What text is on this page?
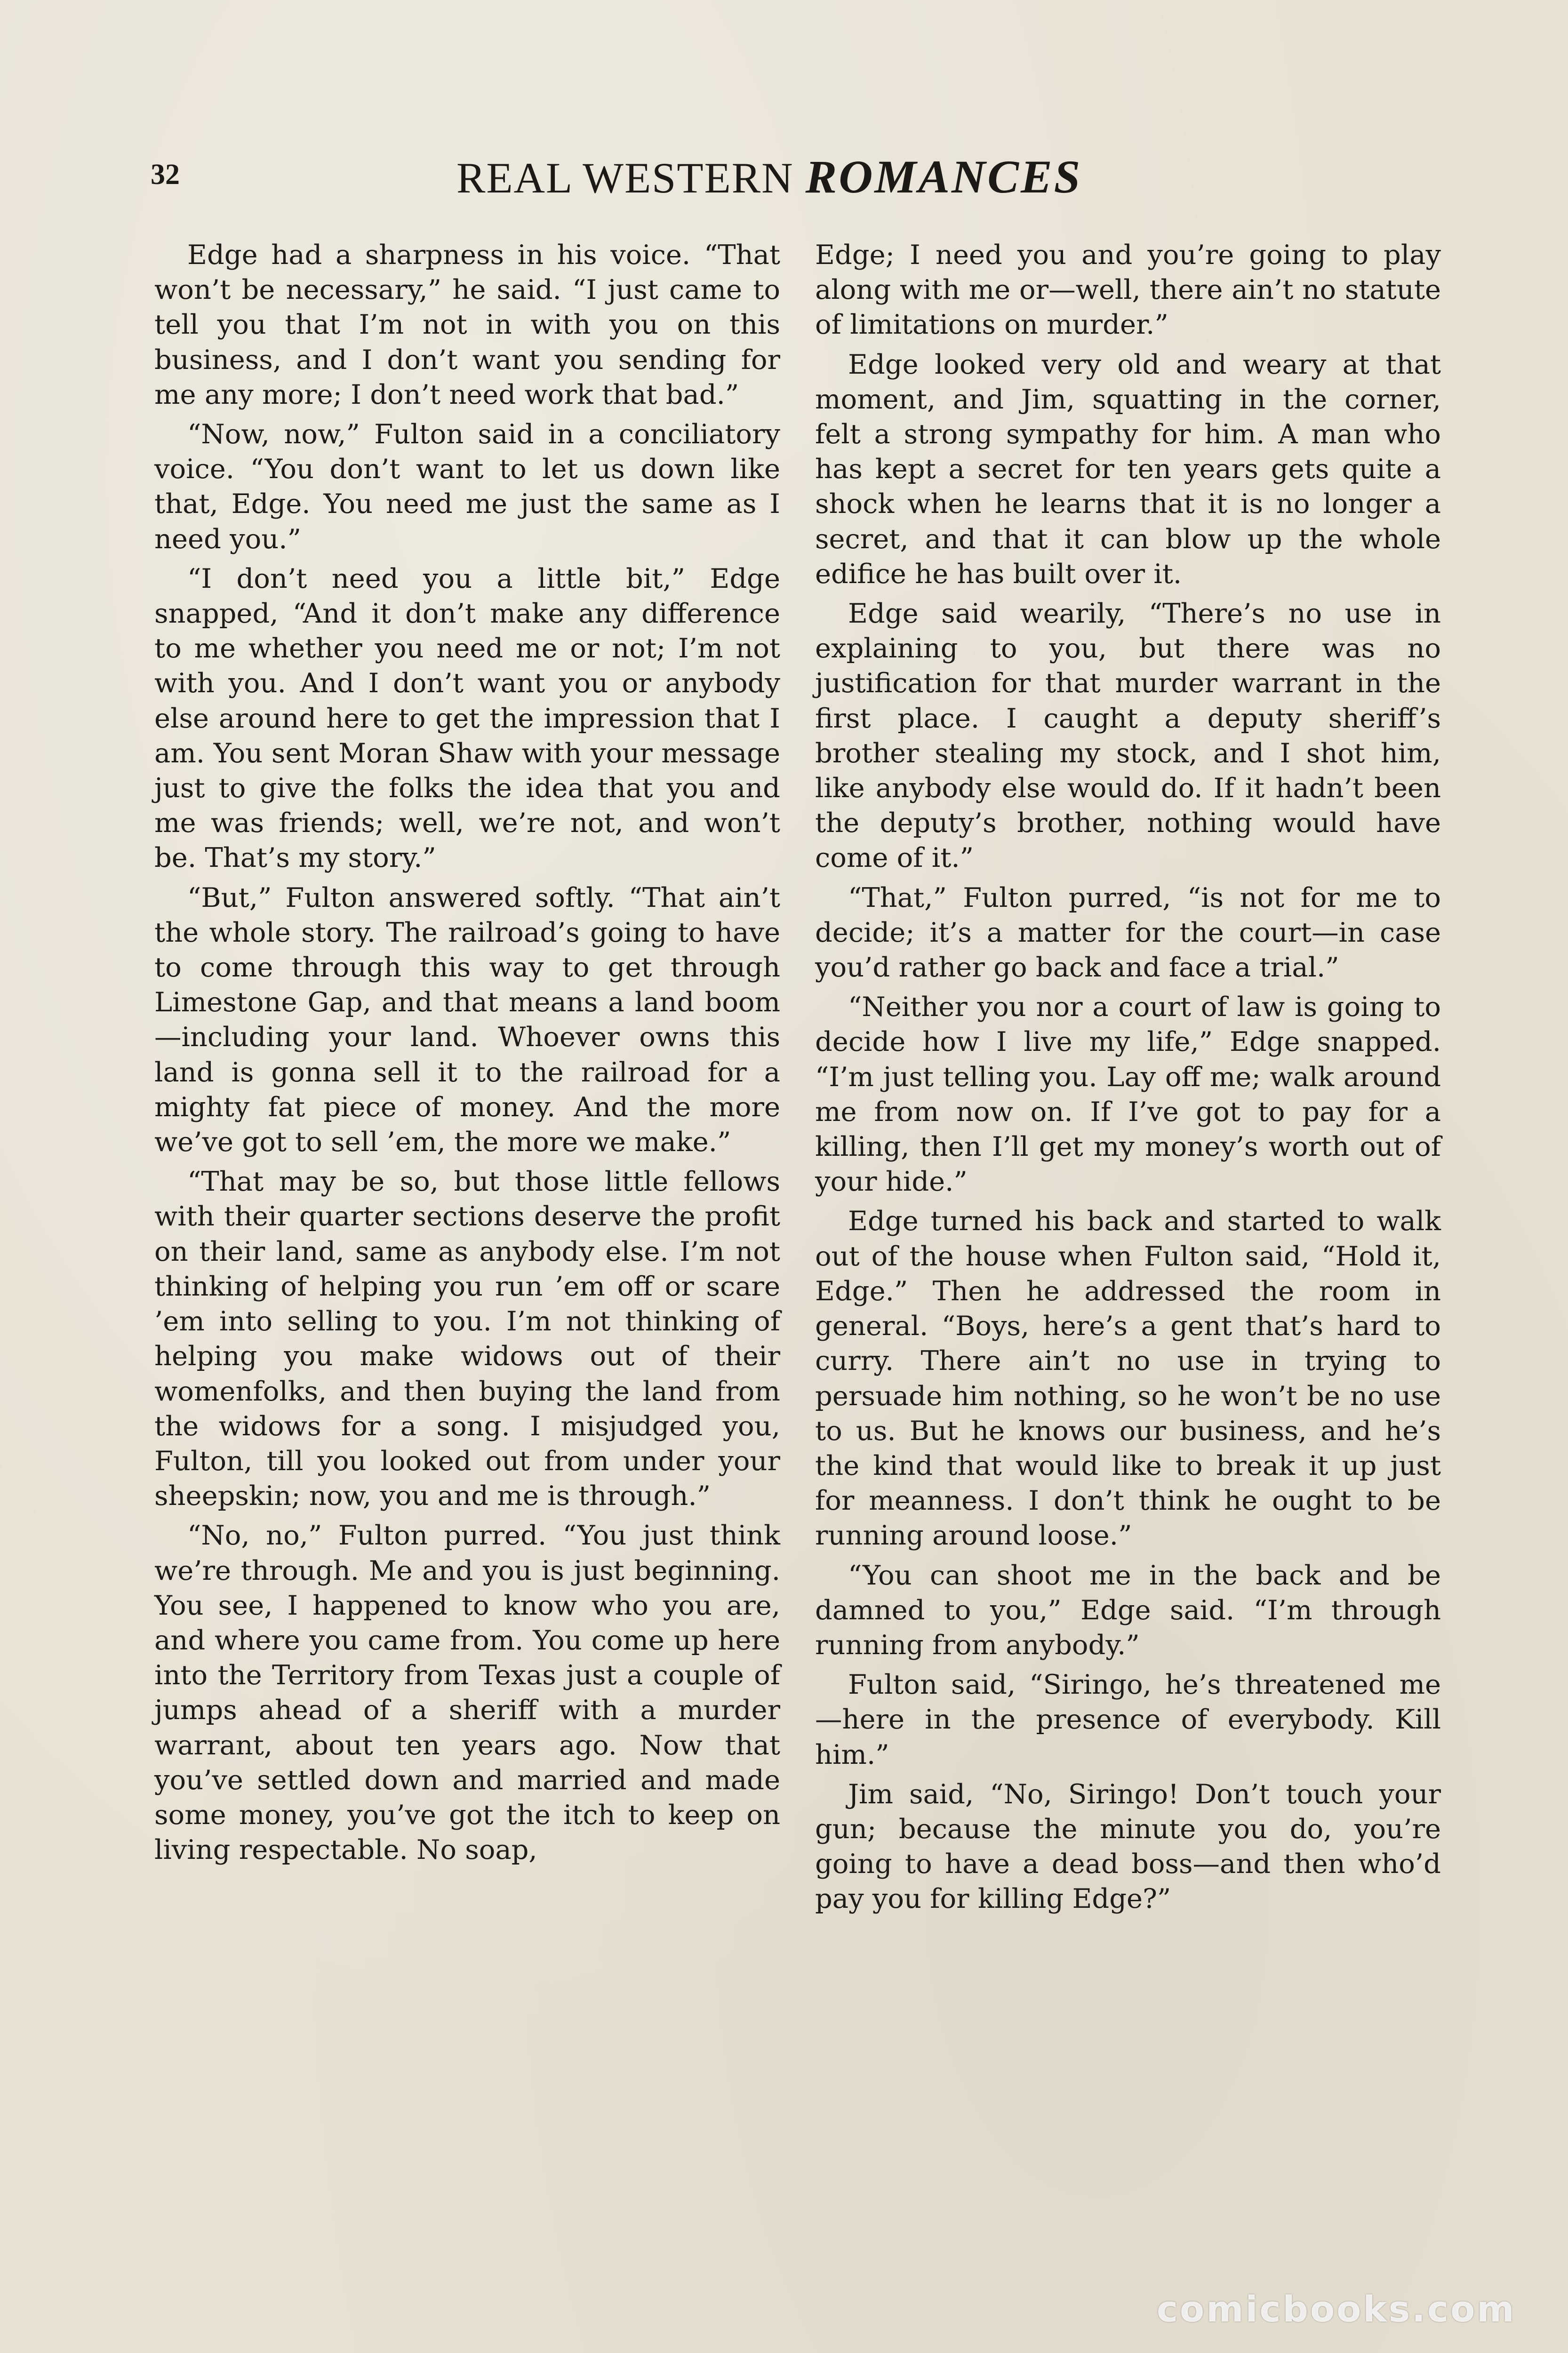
32	REAL WESTERN ROMANCES

Edge had a sharpness in his voice. “That won’t be necessary,” he said. “I just came to tell you that I’m not in with you on this business, and I don’t want you sending for me any more; I don’t need work that bad.”

“Now, now,” Fulton said in a conciliatory voice. “You don’t want to let us down like that, Edge. You need me just the same as I need you.”

“I don’t need you a little bit,” Edge snapped, “And it don’t make any difference to me whether you need me or not; I’m not with you. And I don’t want you or anybody else around here to get the impression that I am. You sent Moran Shaw with your message just to give the folks the idea that you and me was friends; well, we’re not, and won’t be. That’s my story.”

“But,” Fulton answered softly. “That ain’t the whole story. The railroad’s going to have to come through this way to get through Limestone Gap, and that means a land boom—including your land. Whoever owns this land is gonna sell it to the railroad for a mighty fat piece of money. And the more we’ve got to sell ’em, the more we make.”

“That may be so, but those little fellows with their quarter sections deserve the profit on their land, same as anybody else. I’m not thinking of helping you run ’em off or scare ’em into selling to you. I’m not thinking of helping you make widows out of their womenfolks, and then buying the land from the widows for a song. I misjudged you, Fulton, till you looked out from under your sheepskin; now, you and me is through.”

“No, no,” Fulton purred. “You just think we’re through. Me and you is just beginning. You see, I happened to know who you are, and where you came from. You come up here into the Territory from Texas just a couple of jumps ahead of a sheriff with a murder warrant, about ten years ago. Now that you’ve settled down and married and made some money, you’ve got the itch to keep on living respectable. No soap,

Edge; I need you and you’re going to play along with me or—well, there ain’t no statute of limitations on murder.”

Edge looked very old and weary at that moment, and Jim, squatting in the corner, felt a strong sympathy for him. A man who has kept a secret for ten years gets quite a shock when he learns that it is no longer a secret, and that it can blow up the whole edifice he has built over it.

Edge said wearily, “There’s no use in explaining to you, but there was no justification for that murder warrant in the first place. I caught a deputy sheriff’s brother stealing my stock, and I shot him, like anybody else would do. If it hadn’t been the deputy’s brother, nothing would have come of it.”

“That,” Fulton purred, “is not for me to decide; it’s a matter for the court—in case you’d rather go back and face a trial.”

“Neither you nor a court of law is going to decide how I live my life,” Edge snapped. “I’m just telling you. Lay off me; walk around me from now on. If I’ve got to pay for a killing, then I’ll get my money’s worth out of your hide.”

Edge turned his back and started to walk out of the house when Fulton said, “Hold it, Edge.” Then he addressed the room in general. “Boys, here’s a gent that’s hard to curry. There ain’t no use in trying to persuade him nothing, so he won’t be no use to us. But he knows our business, and he’s the kind that would like to break it up just for meanness. I don’t think he ought to be running around loose.”

“You can shoot me in the back and be damned to you,” Edge said. “I’m through running from anybody.”

Fulton said, “Siringo, he’s threatened me—here in the presence of everybody. Kill him.”

Jim said, “No, Siringo! Don’t touch your gun; because the minute you do, you’re going to have a dead boss—and then who’d pay you for killing Edge?”

comicbooks.com
